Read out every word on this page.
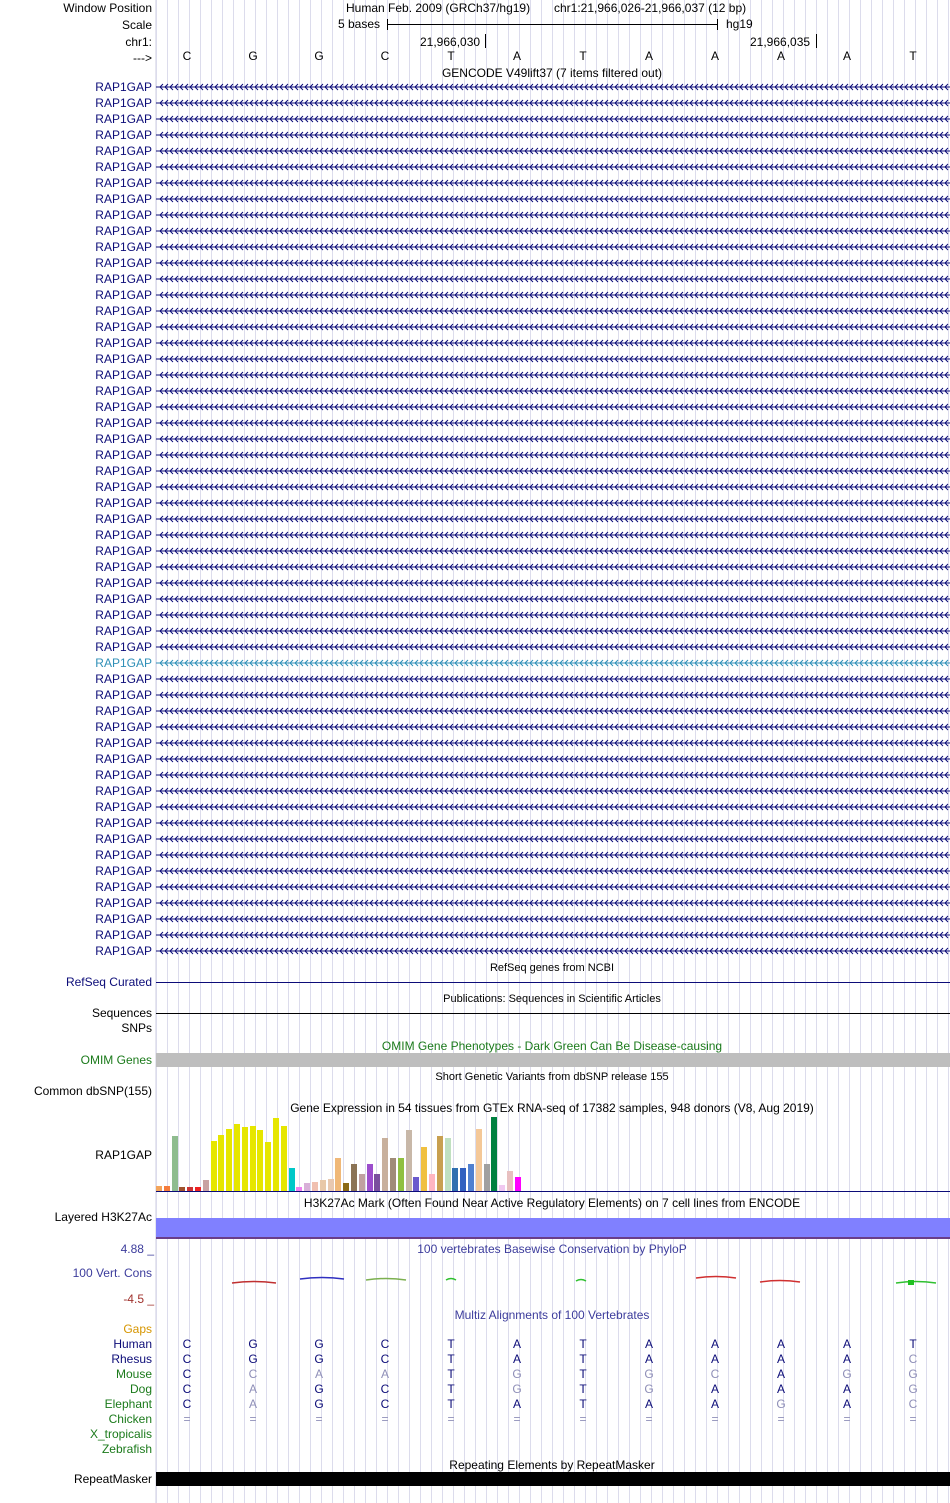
Window Position	Human Feb. 2009 (GRCh37/hg19) chr1:21,966,026-21,966,037 (12 bp)
Scale	5 bases	hg19
chr1:	21,966,030	21,966,035
--->	C	G	G	C	T	A	T	A	A	A	A	T
GENCODE V49lift37 (7 items filtered out)
RAP1GAP
RAP1GAP
RAP1GAP
RAP1GAP
RAP1GAP
RAP1GAP
RAP1GAP
RAP1GAP
RAP1GAP
RAP1GAP
RAP1GAP
RAP1GAP
RAP1GAP
RAP1GAP
RAP1GAP
RAP1GAP
RAP1GAP
RAP1GAP
RAP1GAP
RAP1GAP
RAP1GAP
RAP1GAP
RAP1GAP
RAP1GAP
RAP1GAP
RAP1GAP
RAP1GAP
RAP1GAP
RAP1GAP
RAP1GAP
RAP1GAP
RAP1GAP
RAP1GAP
RAP1GAP
RAP1GAP
RAP1GAP
RAP1GAP
RAP1GAP
RAP1GAP
RAP1GAP
RAP1GAP
RAP1GAP
RAP1GAP
RAP1GAP
RAP1GAP
RAP1GAP
RAP1GAP
RAP1GAP
RAP1GAP
RAP1GAP
RAP1GAP
RAP1GAP
RAP1GAP
RAP1GAP
RAP1GAP
RefSeq genes from NCBI
RefSeq Curated
Publications: Sequences in Scientific Articles
Sequences
SNPs
OMIM Gene Phenotypes - Dark Green Can Be Disease-causing
OMIM Genes
Short Genetic Variants from dbSNP release 155
Common dbSNP(155)
Gene Expression in 54 tissues from GTEx RNA-seq of 17382 samples, 948 donors (V8, Aug 2019)
RAP1GAP
H3K27Ac Mark (Often Found Near Active Regulatory Elements) on 7 cell lines from ENCODE
Layered H3K27Ac
4.88 _	100 vertebrates Basewise Conservation by PhyloP
100 Vert. Cons
-4.5 _
Multiz Alignments of 100 Vertebrates
Gaps
Human	C	G	G	C	T	A	T	A	A	A	A	T
Rhesus	C	G	G	C	T	A	T	A	A	A	A	C
Mouse	C	C	A	A	T	G	T	G	C	A	G	G
Dog	C	A	G	C	T	G	T	G	A	A	A	G
Elephant	C	A	G	C	T	A	T	A	A	G	A	C
Chicken	=	=	=	=	=	=	=	=	=	=	=	=
X_tropicalis
Zebrafish
Repeating Elements by RepeatMasker
RepeatMasker
